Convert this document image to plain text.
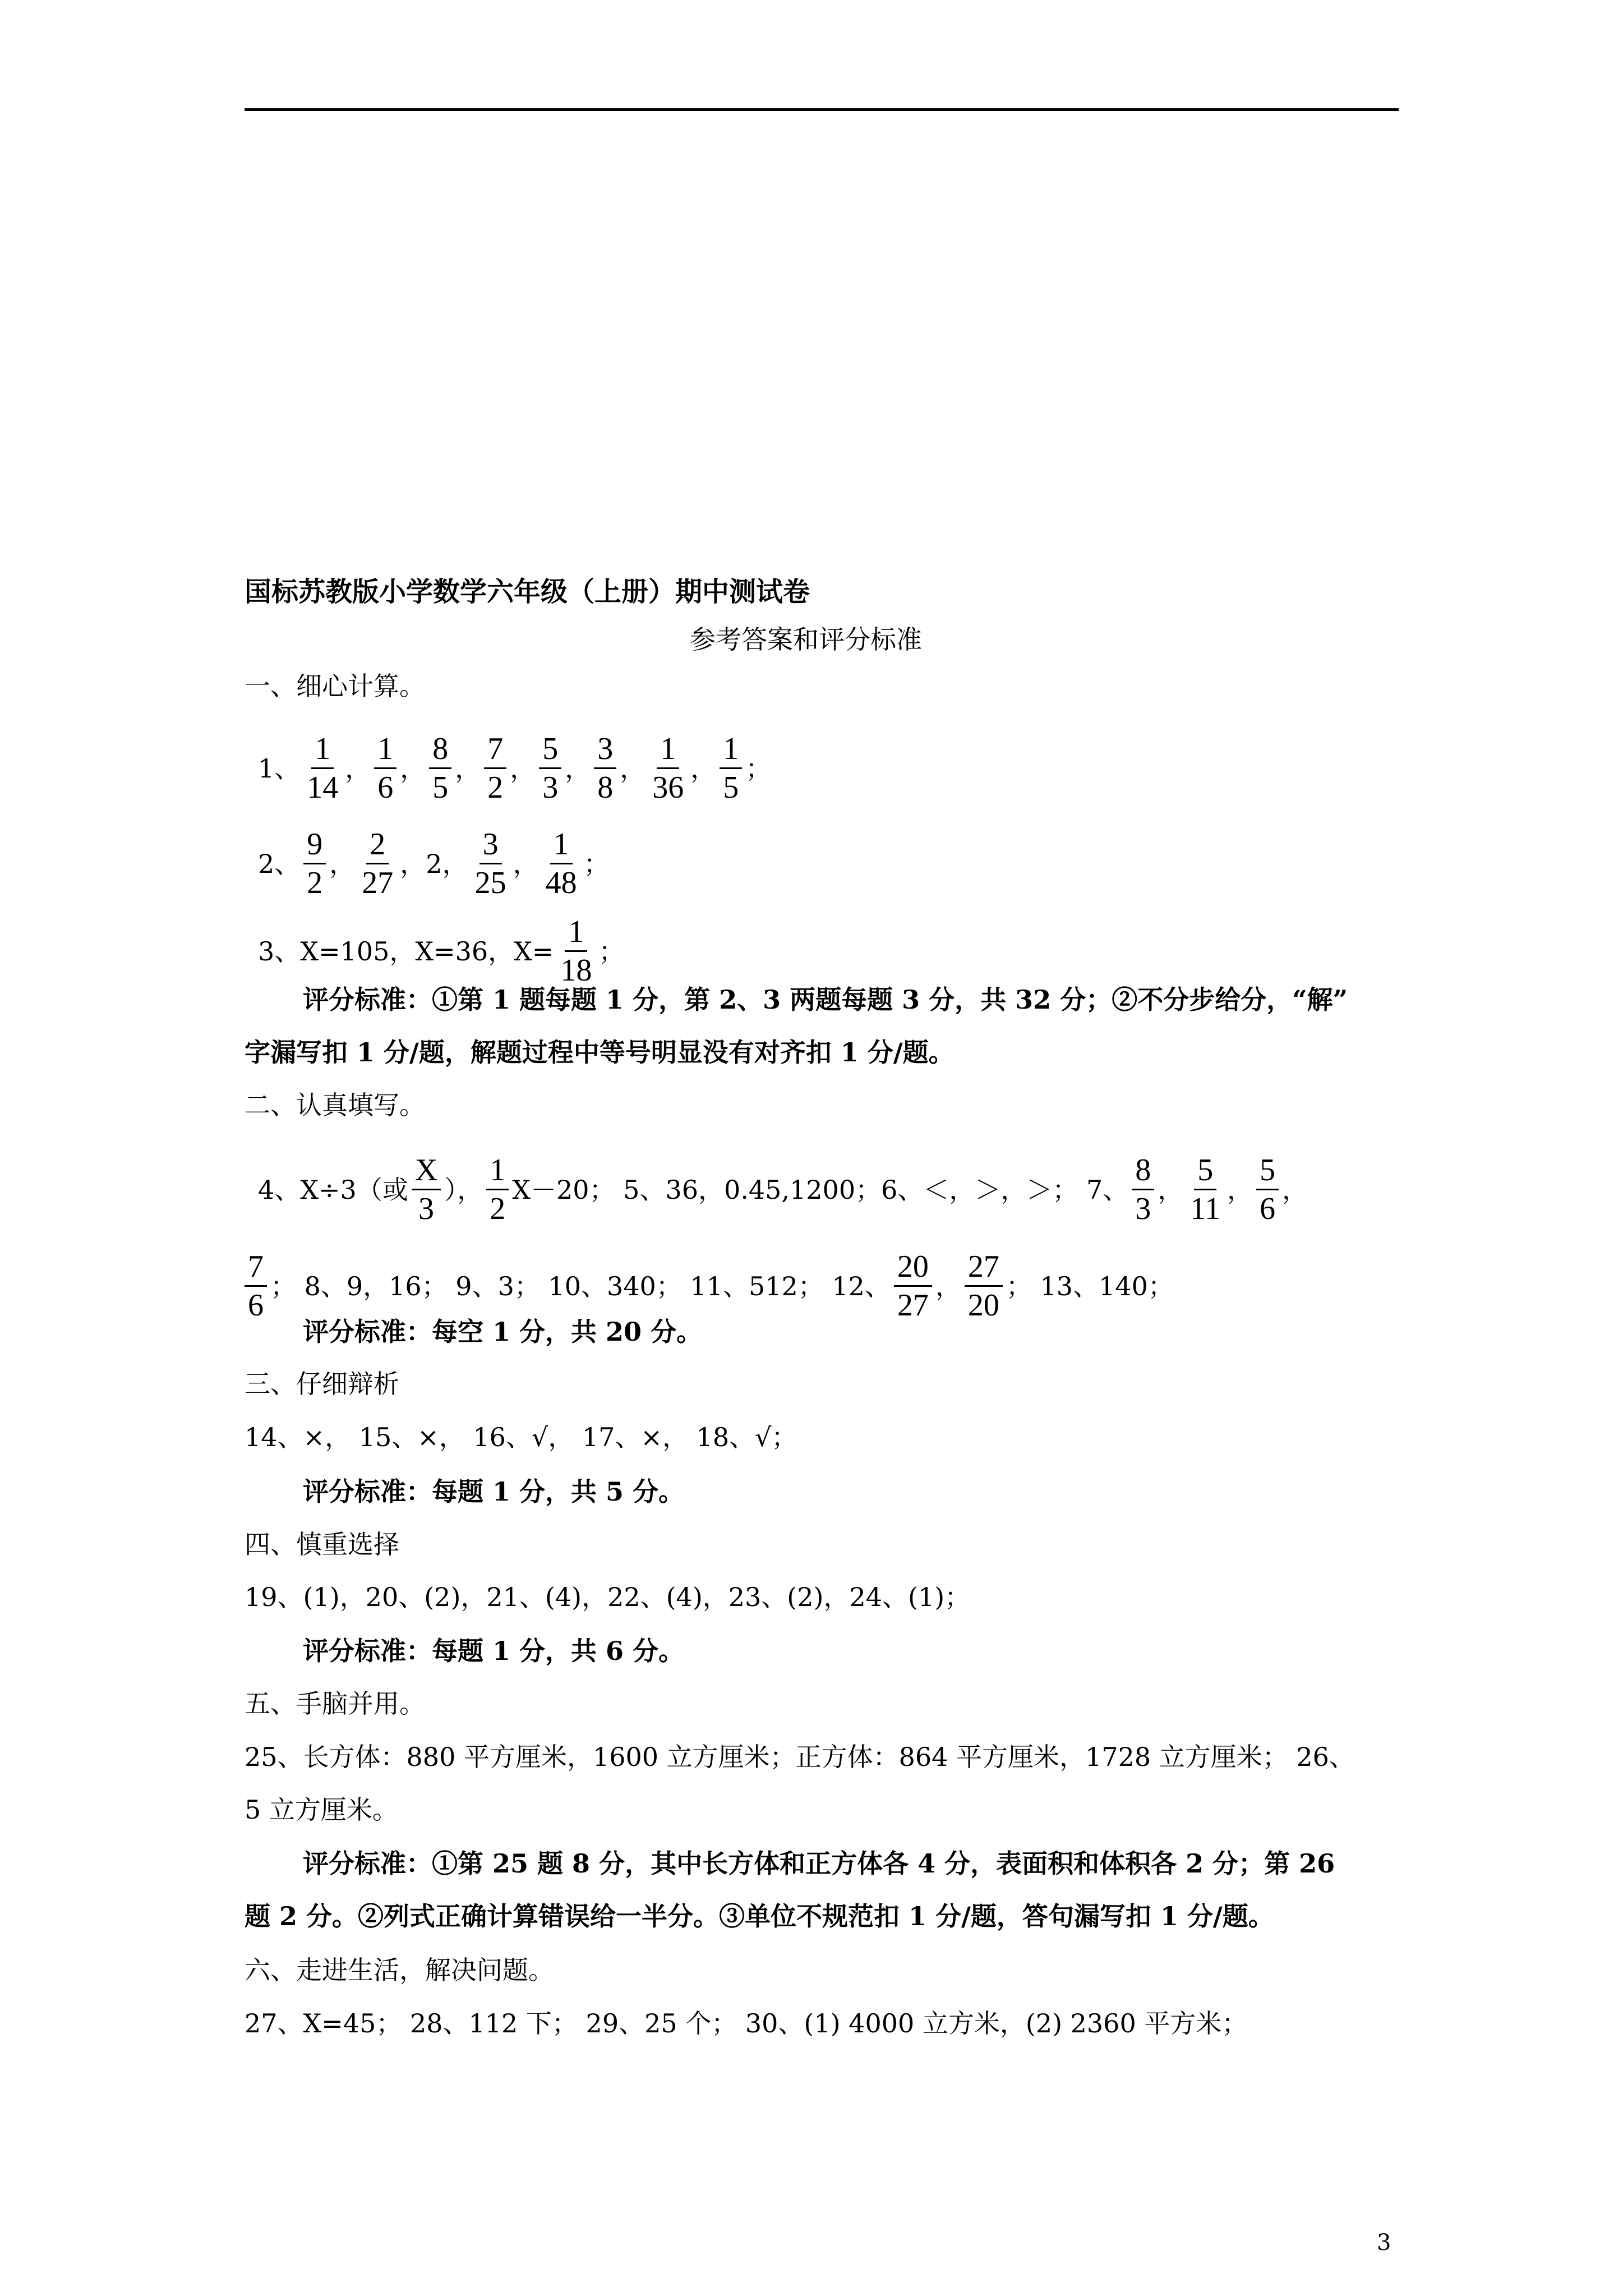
国标苏教版小学数学六年级（上册）期中测试卷
参考答案和评分标准
一、细心计算。
1、 $\frac{1}{14}$ ， $\frac{1}{6}$ ， $\frac{8}{5}$ ， $\frac{7}{2}$ ， $\frac{5}{3}$ ， $\frac{3}{8}$ ， $\frac{1}{36}$ ， $\frac{1}{5}$ ；
2、 $\frac{9}{2}$ ， $\frac{2}{27}$ ， 2 ， $\frac{3}{25}$ ， $\frac{1}{48}$ ；
3、X=105，X=36，$X= \frac{1}{18}$ ；
评分标准：①第 1 题每题 1 分，第 2、3 两题每题 3 分，共 32 分；②不分步给分，“解”
字漏写扣 1 分/题，解题过程中等号明显没有对齐扣 1 分/题。
二、认真填写。
4、X÷3（或 $\frac{X}{3}$ ）， $\frac{1}{2} X-20$； 5、36，0.45,1200；6、＜，＞，＞； 7、 $\frac{8}{3}$ ， $\frac{5}{11}$ ， $\frac{5}{6}$ ，
$\frac{7}{6}$ ； 8、9，16； 9、3； 10、340； 11、512； 12、 $\frac{20}{27}$ ， $\frac{27}{20}$ ； 13、140；
评分标准：每空 1 分，共 20 分。
三、仔细辩析
14、×， 15、×， 16、√， 17、×， 18、√；
评分标准：每题 1 分，共 5 分。
四、慎重选择
19、(1)，20、(2)，21、(4)，22、(4)，23、(2)，24、(1)；
评分标准：每题 1 分，共 6 分。
五、手脑并用。
25、长方体：880 平方厘米，1600 立方厘米；正方体：864 平方厘米，1728 立方厘米； 26、
5 立方厘米。
评分标准：①第 25 题 8 分，其中长方体和正方体各 4 分，表面积和体积各 2 分；第 26
题 2 分。②列式正确计算错误给一半分。③单位不规范扣 1 分/题，答句漏写扣 1 分/题。
六、走进生活，解决问题。
27、X=45； 28、112 下； 29、25 个； 30、(1) 4000 立方米，(2) 2360 平方米；
3
